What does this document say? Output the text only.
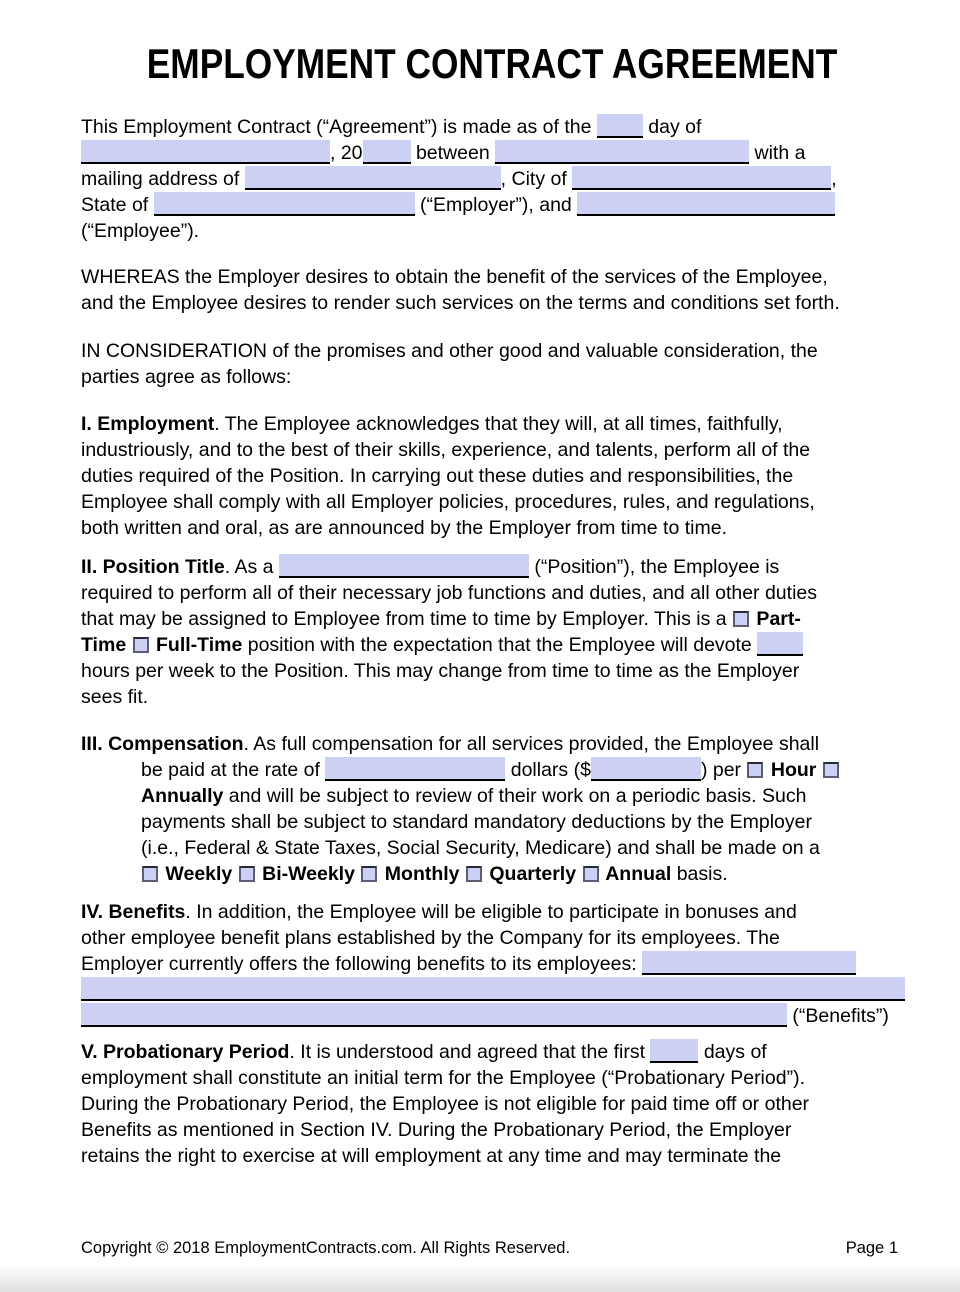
EMPLOYMENT CONTRACT AGREEMENT
This Employment Contract (“Agreement”) is made as of the  day of
, 20 between	with a
mailing address of	, City of	,
State of	(“Employer”), and
(“Employee”).
WHEREAS the Employer desires to obtain the benefit of the services of the Employee,
and the Employee desires to render such services on the terms and conditions set forth.
IN CONSIDERATION of the promises and other good and valuable consideration, the
parties agree as follows:
I. Employment. The Employee acknowledges that they will, at all times, faithfully,
industriously, and to the best of their skills, experience, and talents, perform all of the
duties required of the Position. In carrying out these duties and responsibilities, the
Employee shall comply with all Employer policies, procedures, rules, and regulations,
both written and oral, as are announced by the Employer from time to time.
II. Position Title. As a	(“Position”), the Employee is
required to perform all of their necessary job functions and duties, and all other duties
that may be assigned to Employee from time to time by Employer. This is a  Part-
Time  Full-Time position with the expectation that the Employee will devote
hours per week to the Position. This may change from time to time as the Employer
sees fit.
III. Compensation. As full compensation for all services provided, the Employee shall
be paid at the rate of	dollars ($	) per  Hour
Annually and will be subject to review of their work on a periodic basis. Such
payments shall be subject to standard mandatory deductions by the Employer
(i.e., Federal & State Taxes, Social Security, Medicare) and shall be made on a
Weekly  Bi-Weekly  Monthly  Quarterly  Annual basis.
IV. Benefits. In addition, the Employee will be eligible to participate in bonuses and
other employee benefit plans established by the Company for its employees. The
Employer currently offers the following benefits to its employees:

(“Benefits”)
V. Probationary Period. It is understood and agreed that the first  days of
employment shall constitute an initial term for the Employee (“Probationary Period”).
During the Probationary Period, the Employee is not eligible for paid time off or other
Benefits as mentioned in Section IV. During the Probationary Period, the Employer
retains the right to exercise at will employment at any time and may terminate the
Copyright © 2018 EmploymentContracts.com. All Rights Reserved.	Page 1
